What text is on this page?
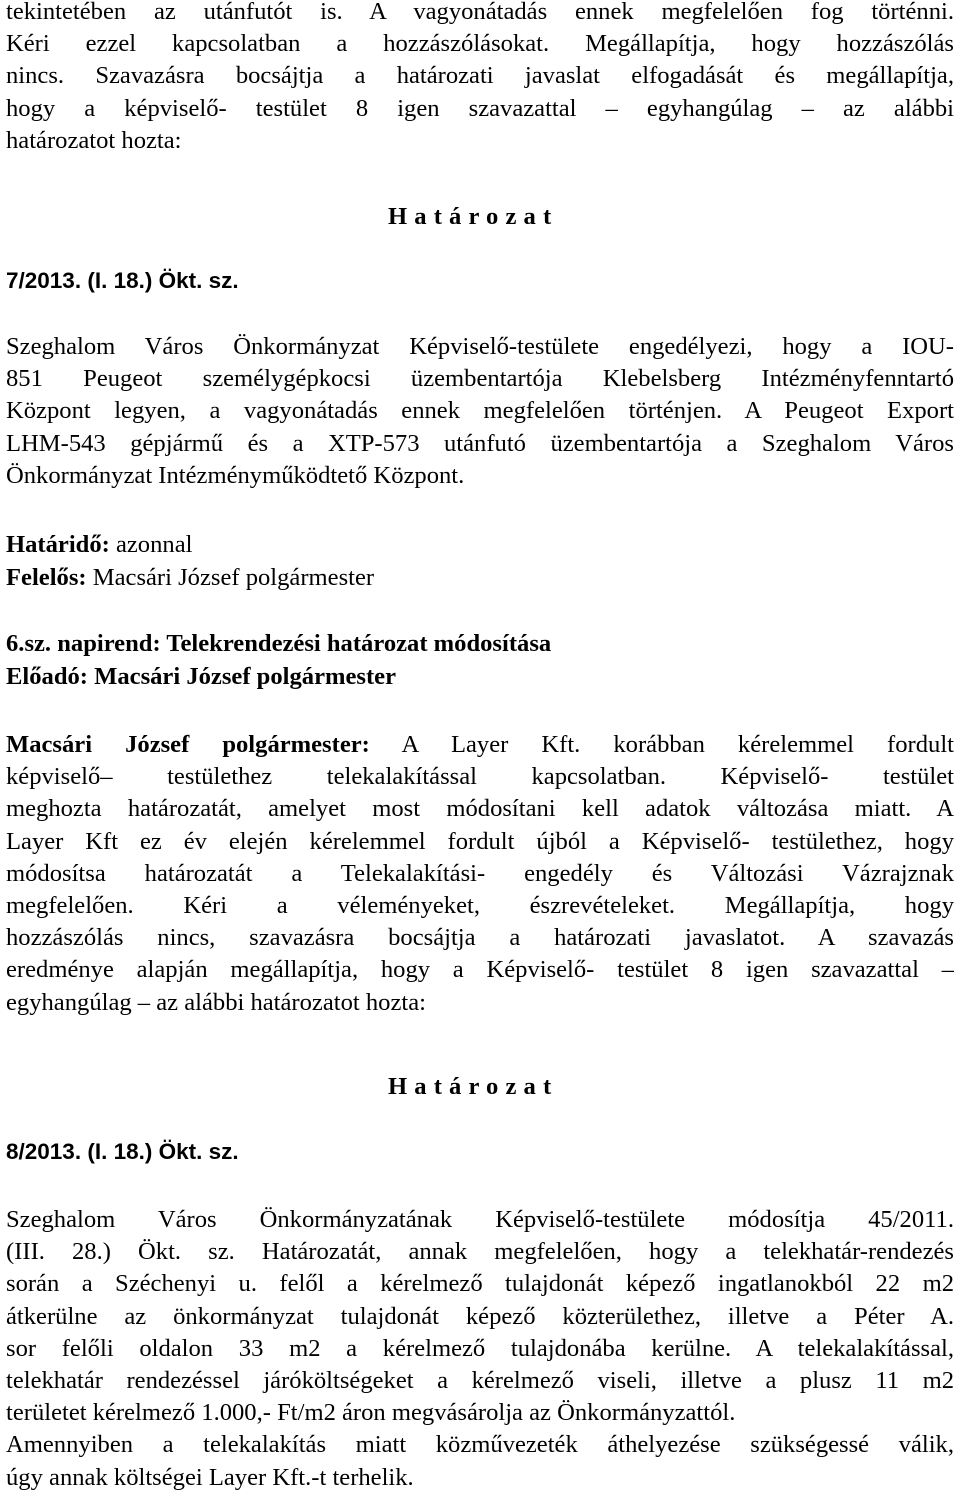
tekintetében az utánfutót is. A vagyonátadás ennek megfelelően fog történni.
Kéri ezzel kapcsolatban a hozzászólásokat. Megállapítja, hogy hozzászólás
nincs. Szavazásra bocsájtja a határozati javaslat elfogadását és megállapítja,
hogy a képviselő- testület 8 igen szavazattal – egyhangúlag – az alábbi
határozatot hozta:
H a t á r o z a t
7/2013. (I. 18.) Ökt. sz.
Szeghalom Város Önkormányzat Képviselő-testülete engedélyezi, hogy a IOU-
851 Peugeot személygépkocsi üzembentartója Klebelsberg Intézményfenntartó
Központ legyen, a vagyonátadás ennek megfelelően történjen. A Peugeot Export
LHM-543 gépjármű és a XTP-573 utánfutó üzembentartója a Szeghalom Város
Önkormányzat Intézményműködtető Központ.
Határidő: azonnal
Felelős: Macsári József polgármester
6.sz. napirend: Telekrendezési határozat módosítása
Előadó: Macsári József polgármester
Macsári József polgármester: A Layer Kft. korábban kérelemmel fordult
képviselő– testülethez telekalakítással kapcsolatban. Képviselő- testület
meghozta határozatát, amelyet most módosítani kell adatok változása miatt. A
Layer Kft ez év elején kérelemmel fordult újból a Képviselő- testülethez, hogy
módosítsa határozatát a Telekalakítási- engedély és Változási Vázrajznak
megfelelően. Kéri a véleményeket, észrevételeket. Megállapítja, hogy
hozzászólás nincs, szavazásra bocsájtja a határozati javaslatot. A szavazás
eredménye alapján megállapítja, hogy a Képviselő- testület 8 igen szavazattal –
egyhangúlag – az alábbi határozatot hozta:
H a t á r o z a t
8/2013. (I. 18.) Ökt. sz.
Szeghalom Város Önkormányzatának Képviselő-testülete módosítja 45/2011.
(III. 28.) Ökt. sz. Határozatát, annak megfelelően, hogy a telekhatár-rendezés
során a Széchenyi u. felől a kérelmező tulajdonát képező ingatlanokból 22 m2
átkerülne az önkormányzat tulajdonát képező közterülethez, illetve a Péter A.
sor felőli oldalon 33 m2 a kérelmező tulajdonába kerülne. A telekalakítással,
telekhatár rendezéssel járóköltségeket a kérelmező viseli, illetve a plusz 11 m2
területet kérelmező 1.000,- Ft/m2 áron megvásárolja az Önkormányzattól.
Amennyiben a telekalakítás miatt közművezeték áthelyezése szükségessé válik,
úgy annak költségei Layer Kft.-t terhelik.
